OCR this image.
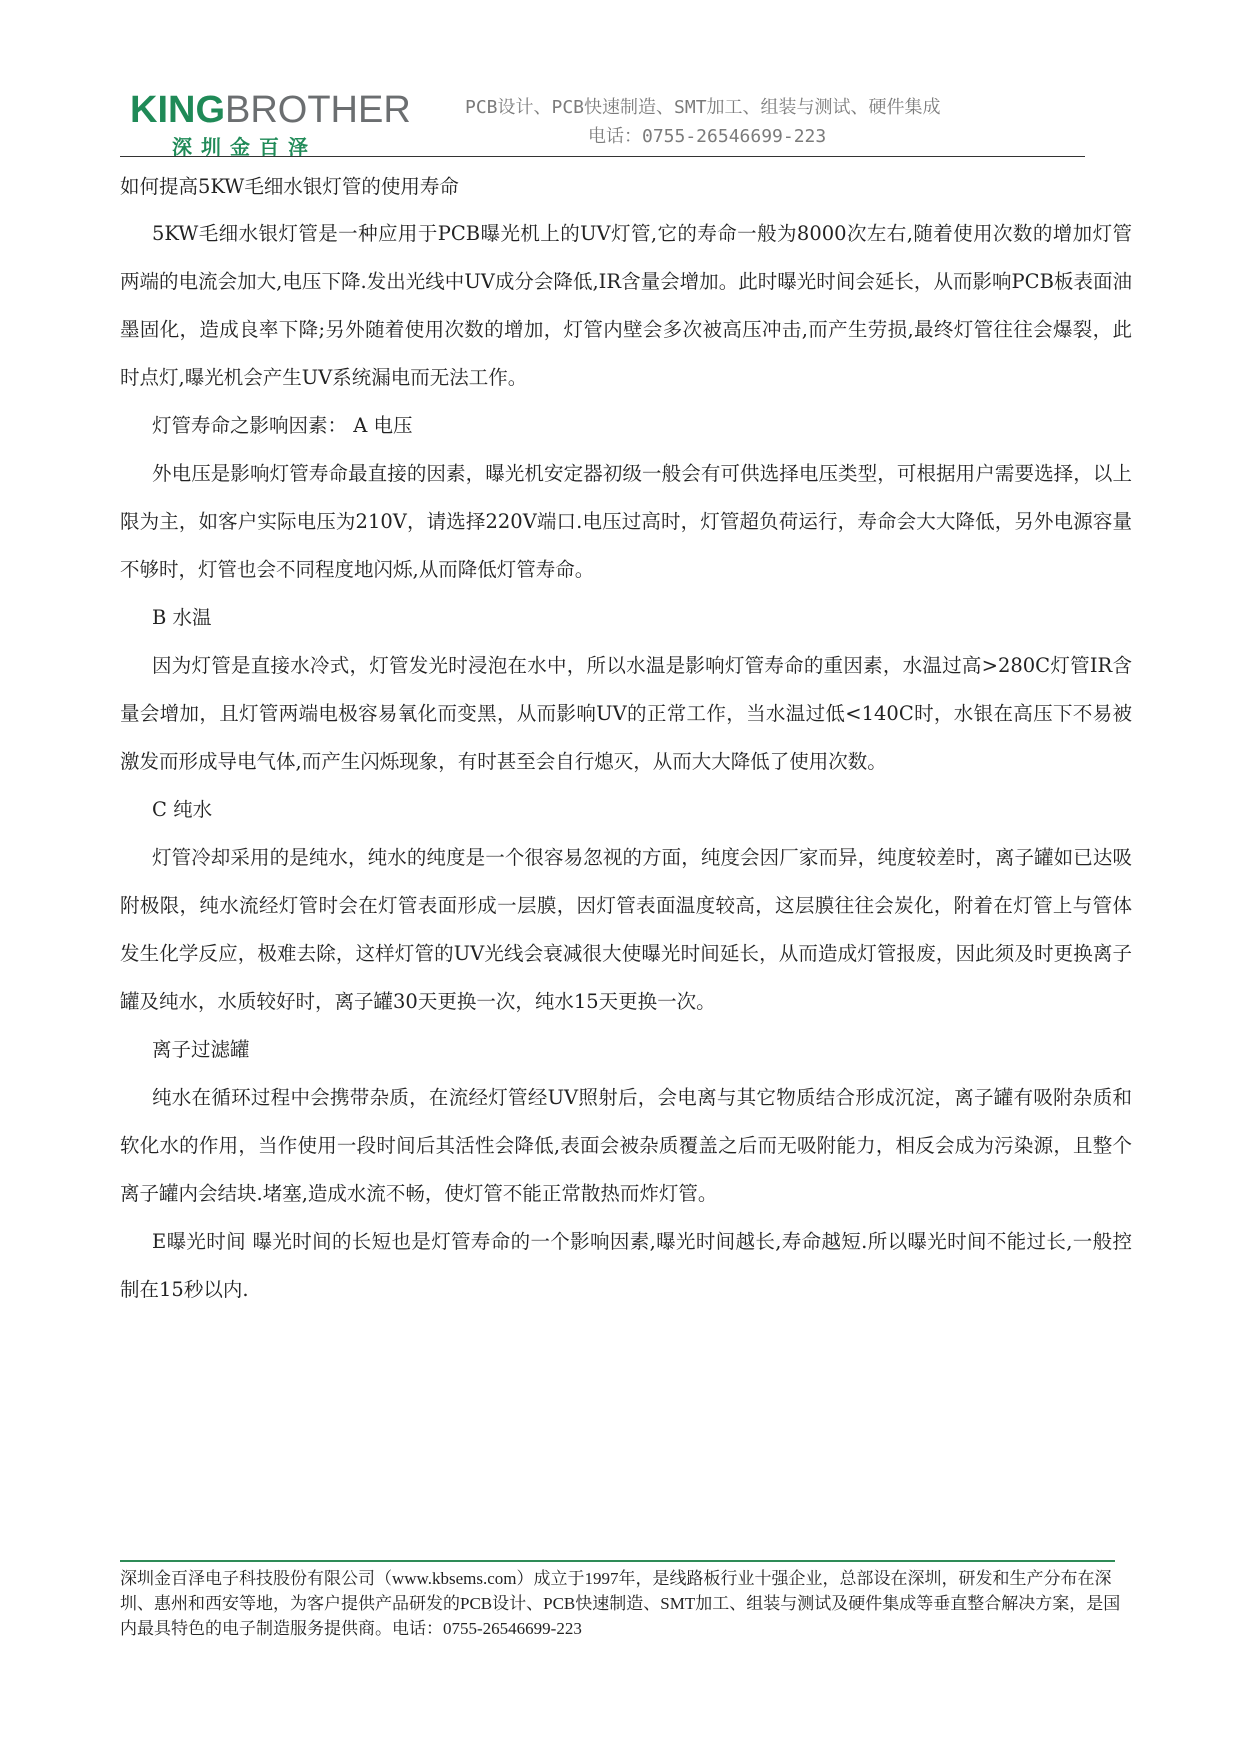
KINGBROTHER
深圳金百泽
PCB设计、PCB快速制造、SMT加工、组装与测试、硬件集成
电话：0755-26546699-223
如何提高5KW毛细水银灯管的使用寿命

5KW毛细水银灯管是一种应用于PCB曝光机上的UV灯管,它的寿命一般为8000次左右,随着使用次数的增加灯管两端的电流会加大,电压下降.发出光线中UV成分会降低,IR含量会增加。此时曝光时间会延长，从而影响PCB板表面油墨固化，造成良率下降;另外随着使用次数的增加，灯管内壁会多次被高压冲击,而产生劳损,最终灯管往往会爆裂，此时点灯,曝光机会产生UV系统漏电而无法工作。

灯管寿命之影响因素： A 电压

外电压是影响灯管寿命最直接的因素，曝光机安定器初级一般会有可供选择电压类型，可根据用户需要选择，以上限为主，如客户实际电压为210V，请选择220V端口.电压过高时，灯管超负荷运行，寿命会大大降低，另外电源容量不够时，灯管也会不同程度地闪烁,从而降低灯管寿命。

B 水温

因为灯管是直接水冷式，灯管发光时浸泡在水中，所以水温是影响灯管寿命的重因素，水温过高>280C灯管IR含量会增加，且灯管两端电极容易氧化而变黑，从而影响UV的正常工作，当水温过低<140C时，水银在高压下不易被激发而形成导电气体,而产生闪烁现象，有时甚至会自行熄灭，从而大大降低了使用次数。

C 纯水

灯管冷却采用的是纯水，纯水的纯度是一个很容易忽视的方面，纯度会因厂家而异，纯度较差时，离子罐如已达吸附极限，纯水流经灯管时会在灯管表面形成一层膜，因灯管表面温度较高，这层膜往往会炭化，附着在灯管上与管体发生化学反应，极难去除，这样灯管的UV光线会衰减很大使曝光时间延长，从而造成灯管报废，因此须及时更换离子罐及纯水，水质较好时，离子罐30天更换一次，纯水15天更换一次。

离子过滤罐

纯水在循环过程中会携带杂质，在流经灯管经UV照射后，会电离与其它物质结合形成沉淀，离子罐有吸附杂质和软化水的作用，当作使用一段时间后其活性会降低,表面会被杂质覆盖之后而无吸附能力，相反会成为污染源，且整个离子罐内会结块.堵塞,造成水流不畅，使灯管不能正常散热而炸灯管。

E曝光时间 曝光时间的长短也是灯管寿命的一个影响因素,曝光时间越长,寿命越短.所以曝光时间不能过长,一般控制在15秒以内.

深圳金百泽电子科技股份有限公司（www.kbsems.com）成立于1997年，是线路板行业十强企业，总部设在深圳，研发和生产分布在深圳、惠州和西安等地，为客户提供产品研发的PCB设计、PCB快速制造、SMT加工、组装与测试及硬件集成等垂直整合解决方案，是国内最具特色的电子制造服务提供商。电话：0755-26546699-223
